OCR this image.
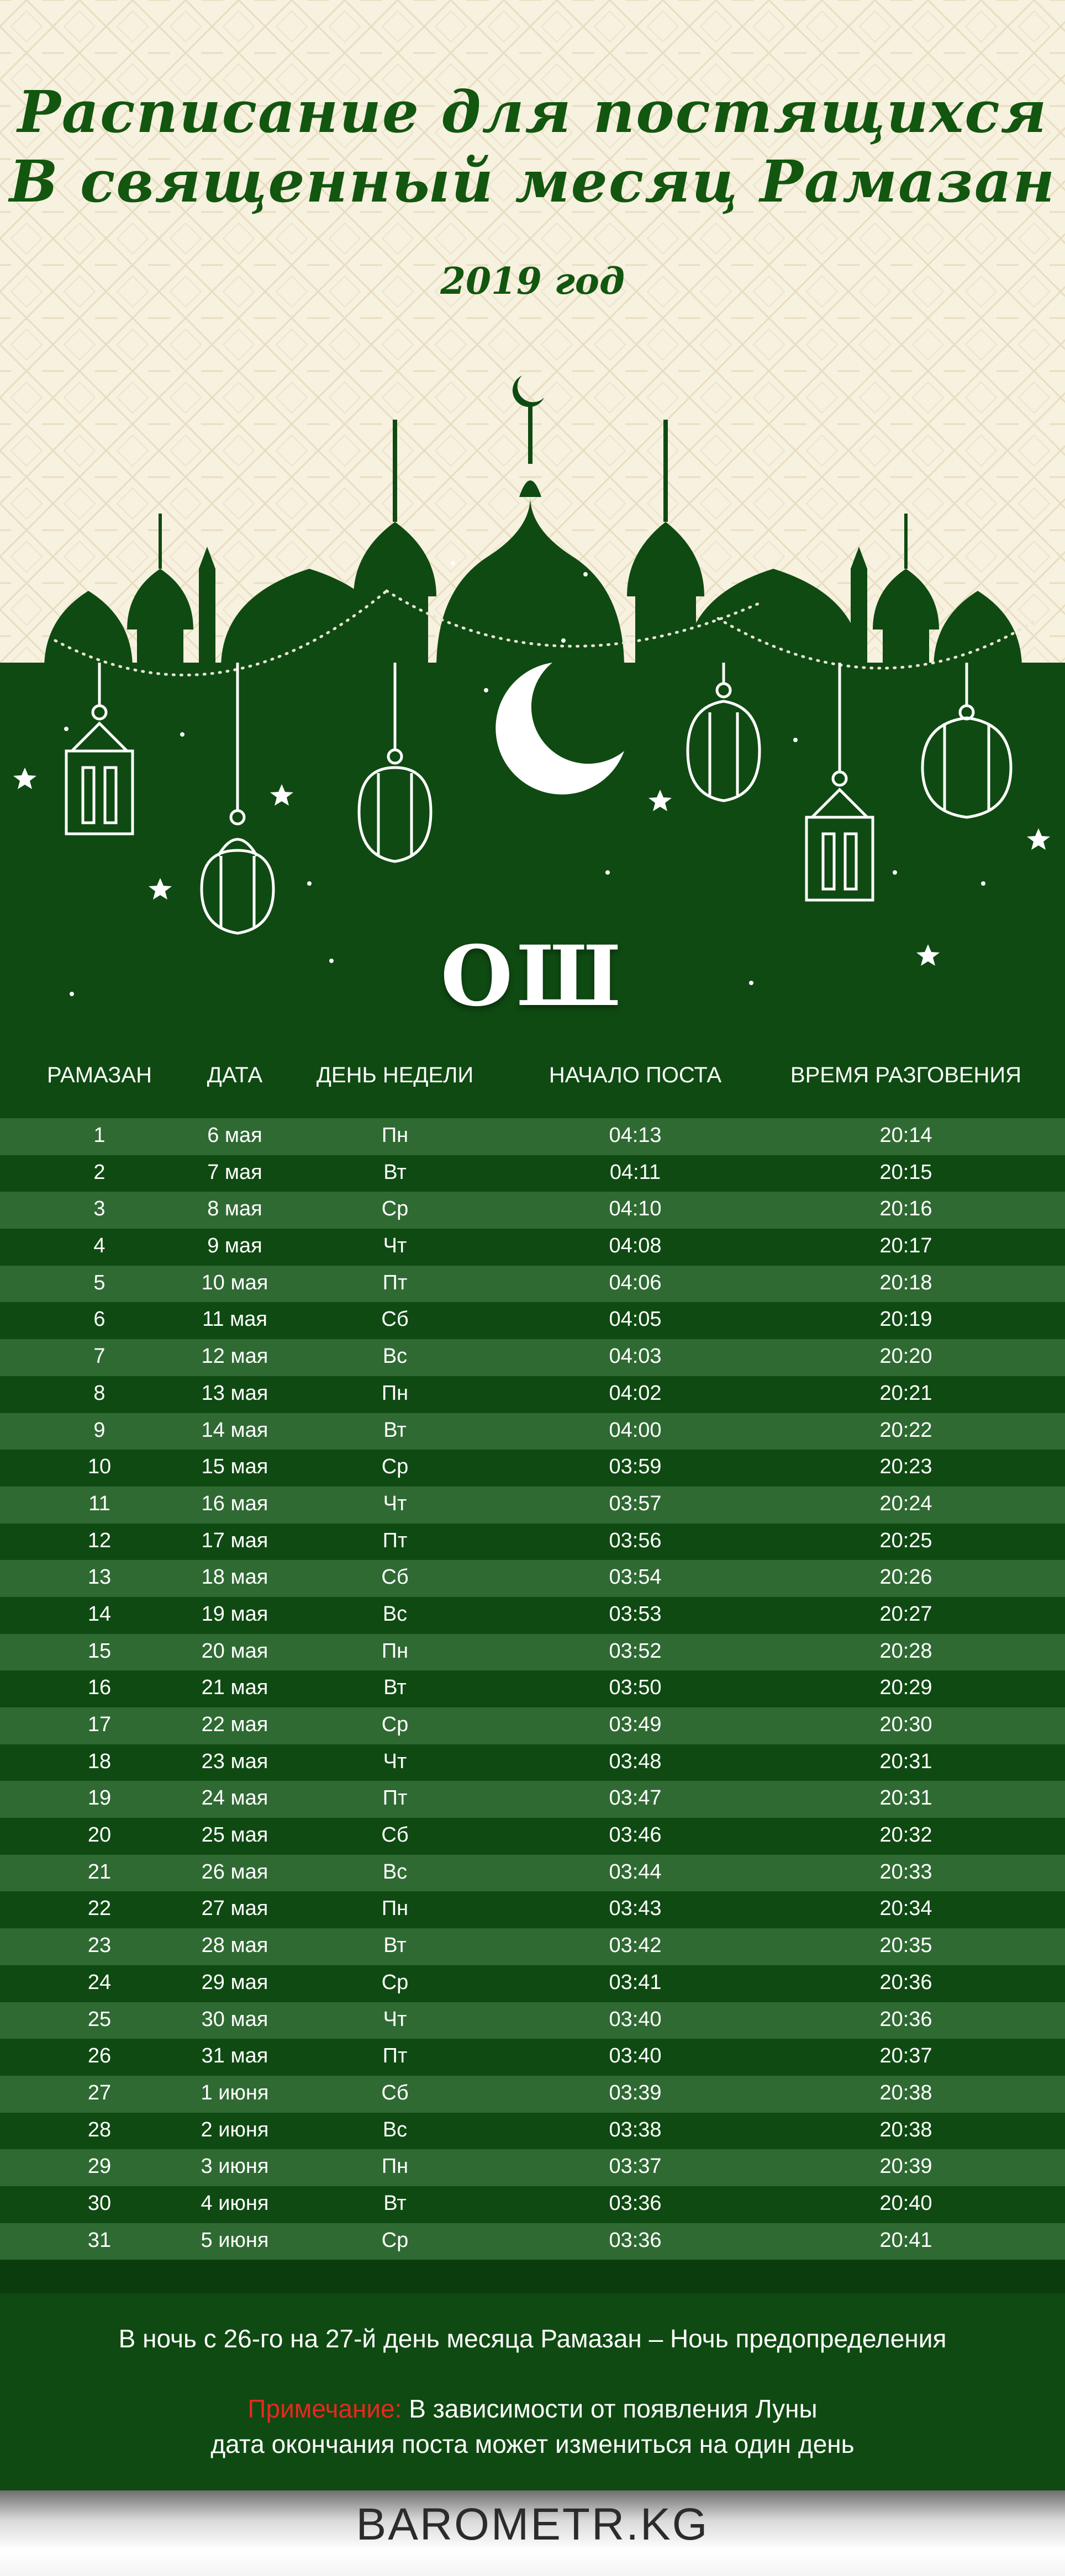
Расписание для постящихся
В священный месяц Рамазан
2019 год
ОШ
РАМАЗАН	ДАТА	ДЕНЬ НЕДЕЛИ	НАЧАЛО ПОСТА	ВРЕМЯ РАЗГОВЕНИЯ
1	6 мая	Пн	04:13	20:14
2	7 мая	Вт	04:11	20:15
3	8 мая	Ср	04:10	20:16
4	9 мая	Чт	04:08	20:17
5	10 мая	Пт	04:06	20:18
6	11 мая	Сб	04:05	20:19
7	12 мая	Вс	04:03	20:20
8	13 мая	Пн	04:02	20:21
9	14 мая	Вт	04:00	20:22
10	15 мая	Ср	03:59	20:23
11	16 мая	Чт	03:57	20:24
12	17 мая	Пт	03:56	20:25
13	18 мая	Сб	03:54	20:26
14	19 мая	Вс	03:53	20:27
15	20 мая	Пн	03:52	20:28
16	21 мая	Вт	03:50	20:29
17	22 мая	Ср	03:49	20:30
18	23 мая	Чт	03:48	20:31
19	24 мая	Пт	03:47	20:31
20	25 мая	Сб	03:46	20:32
21	26 мая	Вс	03:44	20:33
22	27 мая	Пн	03:43	20:34
23	28 мая	Вт	03:42	20:35
24	29 мая	Ср	03:41	20:36
25	30 мая	Чт	03:40	20:36
26	31 мая	Пт	03:40	20:37
27	1 июня	Сб	03:39	20:38
28	2 июня	Вс	03:38	20:38
29	3 июня	Пн	03:37	20:39
30	4 июня	Вт	03:36	20:40
31	5 июня	Ср	03:36	20:41
В ночь с 26-го на 27-й день месяца Рамазан – Ночь предопределения
Примечание: В зависимости от появления Луны
дата окончания поста может измениться на один день
BAROMETR.KG
